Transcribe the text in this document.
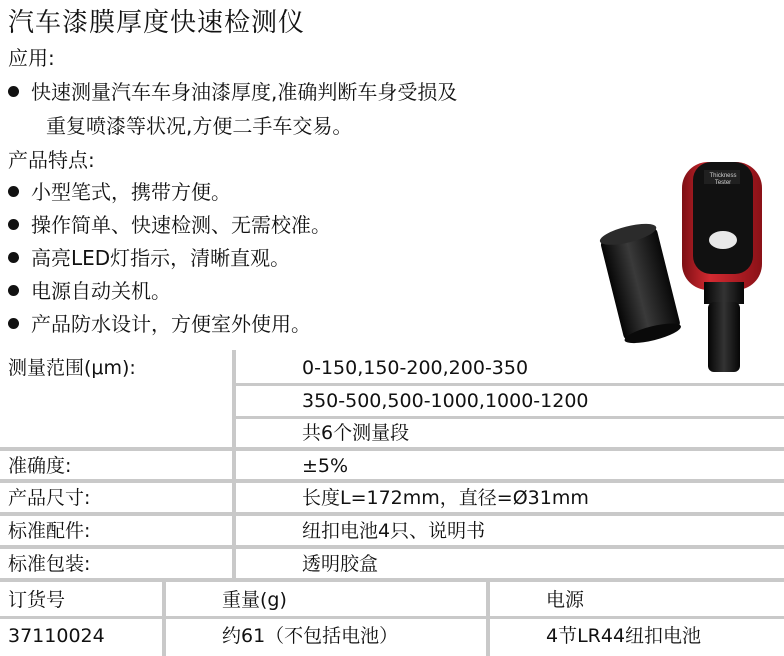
汽车漆膜厚度快速检测仪
应用:
快速测量汽车车身油漆厚度,准确判断车身受损及
重复喷漆等状况,方便二手车交易。
产品特点:
小型笔式，携带方便。
操作简单、快速检测、无需校准。
高亮LED灯指示，清晰直观。
电源自动关机。
产品防水设计，方便室外使用。
Thickness
Tester
测量范围(μm):	0-150,150-200,200-350
350-500,500-1000,1000-1200
共6个测量段
准确度:	±5%
产品尺寸:	长度L=172mm，直径=Ø31mm
标准配件:	纽扣电池4只、说明书
标准包装:	透明胶盒
订货号	重量(g)	电源
37110024	约61（不包括电池）	4节LR44纽扣电池
